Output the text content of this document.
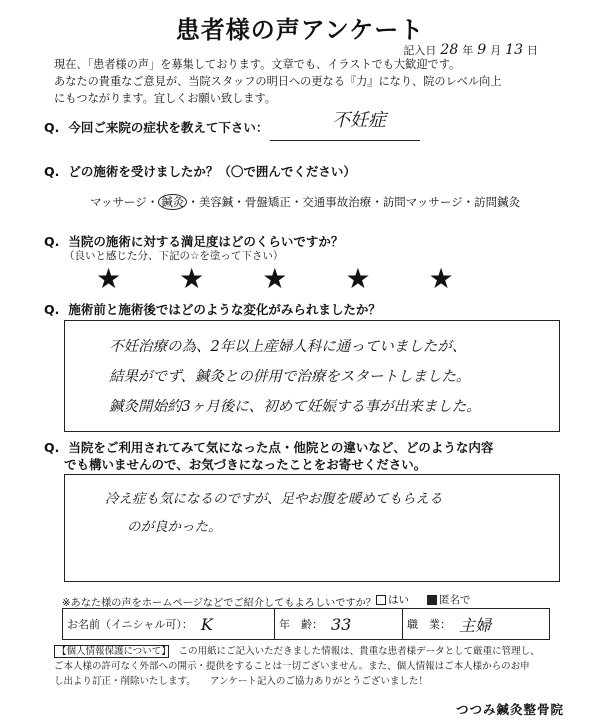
患者様の声アンケート
記入日 28 年 9 月 13 日
現在、「患者様の声」を募集しております。文章でも、イラストでも大歓迎です。
あなたの貴重なご意見が、当院スタッフの明日への更なる『力』になり、院のレベル向上
にもつながります。宜しくお願い致します。
Q. 今回ご来院の症状を教えて下さい：	不妊症
Q. どの施術を受けましたか？（〇で囲んでください）
マッサージ・ 鍼灸 ・美容鍼・骨盤矯正・交通事故治療・訪問マッサージ・訪問鍼灸
Q. 当院の施術に対する満足度はどのくらいですか？
（良いと感じた分、下記の☆を塗って下さい）
★ ★ ★ ★ ★
Q. 施術前と施術後ではどのような変化がみられましたか？
不妊治療の為、2年以上産婦人科に通っていましたが、
結果がでず、鍼灸との併用で治療をスタートしました。
鍼灸開始約3ヶ月後に、初めて妊娠する事が出来ました。
Q. 当院をご利用されてみて気になった点・他院との違いなど、どのような内容
でも構いませんので、お気づきになったことをお寄せください。
冷え症も気になるのですが、足やお腹を暖めてもらえる
のが良かった。
※あなた様の声をホームページなどでご紹介してもよろしいですか？	はい	匿名で
お名前（イニシャル可）： K	年　齢： 33	職　業： 主婦
【個人情報保護について】　 この用紙にご記入いただきました情報は、貴重な患者様データとして厳重に管理し、
ご本人様の許可なく外部への開示・提供をすることは一切ございません。また、個人情報はご本人様からのお申
し出より訂正・削除いたします。　　アンケート記入のご協力ありがとうございました！
つつみ鍼灸整骨院
